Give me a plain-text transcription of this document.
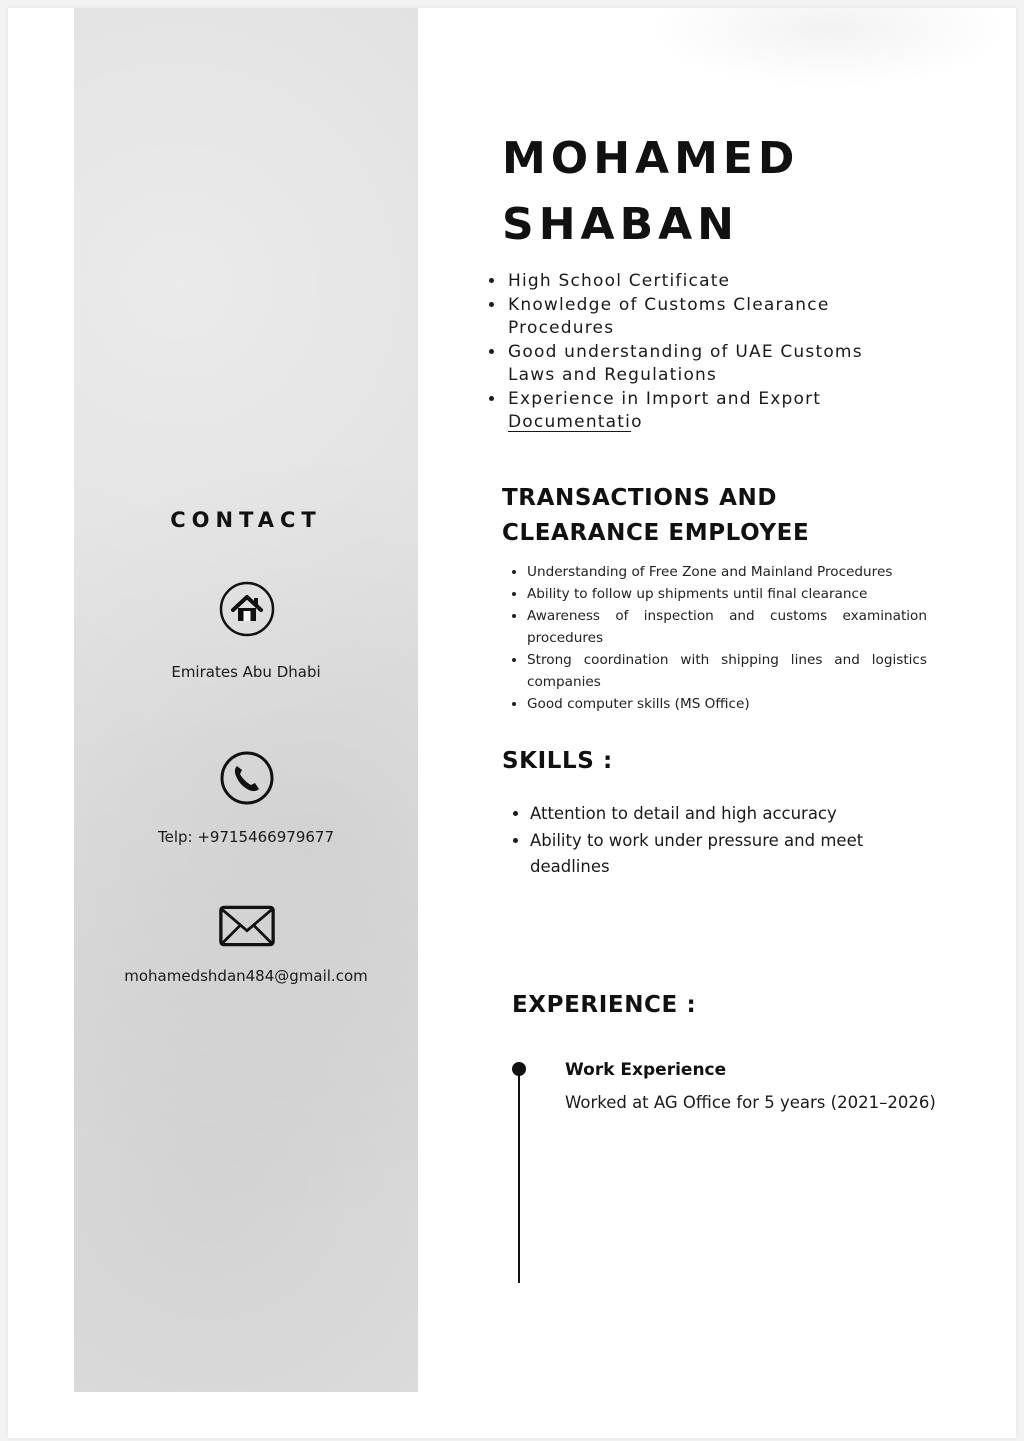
CONTACT
Emirates Abu Dhabi
Telp: +9715466979677
mohamedshdan484@gmail.com
MOHAMED
SHABAN
• High School Certificate
• Knowledge of Customs Clearance Procedures
• Good understanding of UAE Customs Laws and Regulations
• Experience in Import and Export Documentatio
TRANSACTIONS AND
CLEARANCE EMPLOYEE
• Understanding of Free Zone and Mainland Procedures
• Ability to follow up shipments until final clearance
• Awareness of inspection and customs examination procedures
• Strong coordination with shipping lines and logistics companies
• Good computer skills (MS Office)
SKILLS :
• Attention to detail and high accuracy
• Ability to work under pressure and meet deadlines
EXPERIENCE :
Work Experience

Worked at AG Office for 5 years (2021–2026)
